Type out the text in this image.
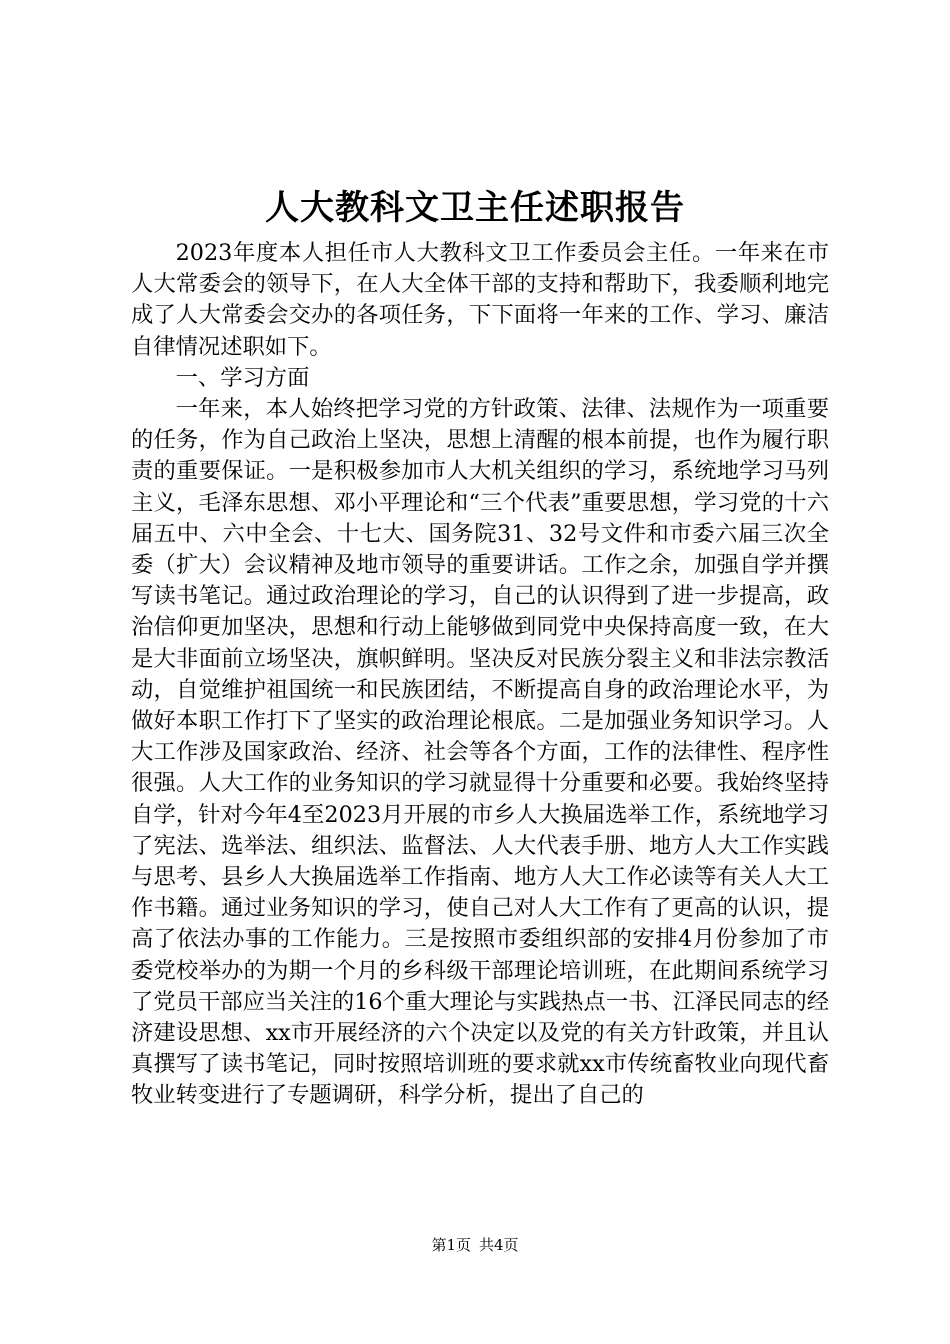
人大教科文卫主任述职报告

2023年度本人担任市人大教科文卫工作委员会主任。一年来在市人大常委会的领导下，在人大全体干部的支持和帮助下，我委顺利地完成了人大常委会交办的各项任务，下下面将一年来的工作、学习、廉洁自律情况述职如下。

一、学习方面

一年来，本人始终把学习党的方针政策、法律、法规作为一项重要的任务，作为自己政治上坚决，思想上清醒的根本前提，也作为履行职责的重要保证。一是积极参加市人大机关组织的学习，系统地学习马列主义，毛泽东思想、邓小平理论和“三个代表”重要思想，学习党的十六届五中、六中全会、十七大、国务院31、32号文件和市委六届三次全委（扩大）会议精神及地市领导的重要讲话。工作之余，加强自学并撰写读书笔记。通过政治理论的学习，自己的认识得到了进一步提高，政治信仰更加坚决，思想和行动上能够做到同党中央保持高度一致，在大是大非面前立场坚决，旗帜鲜明。坚决反对民族分裂主义和非法宗教活动，自觉维护祖国统一和民族团结，不断提高自身的政治理论水平，为做好本职工作打下了坚实的政治理论根底。二是加强业务知识学习。人大工作涉及国家政治、经济、社会等各个方面，工作的法律性、程序性很强。人大工作的业务知识的学习就显得十分重要和必要。我始终坚持自学，针对今年4至2023月开展的市乡人大换届选举工作，系统地学习了宪法、选举法、组织法、监督法、人大代表手册、地方人大工作实践与思考、县乡人大换届选举工作指南、地方人大工作必读等有关人大工作书籍。通过业务知识的学习，使自己对人大工作有了更高的认识，提高了依法办事的工作能力。三是按照市委组织部的安排4月份参加了市委党校举办的为期一个月的乡科级干部理论培训班，在此期间系统学习了党员干部应当关注的16个重大理论与实践热点一书、江泽民同志的经济建设思想、xx市开展经济的六个决定以及党的有关方针政策，并且认真撰写了读书笔记，同时按照培训班的要求就xx市传统畜牧业向现代畜牧业转变进行了专题调研，科学分析，提出了自己的

第1页 共4页
